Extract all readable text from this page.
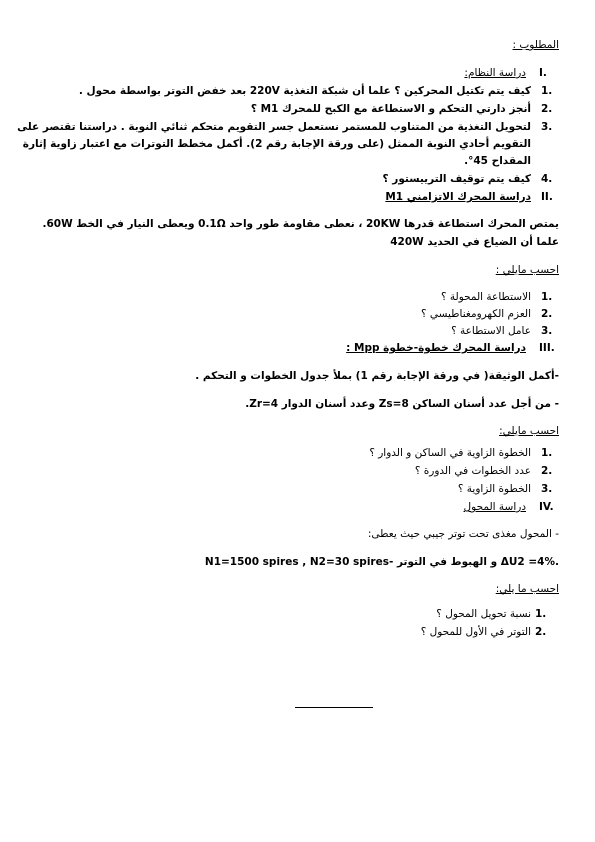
المطلوب :
I.
دراسة النظام:
1.
كيف يتم تكتيل المحركين ؟ علما أن شبكة التغذية 220V بعد خفض التوتر بواسطة محول .
2.
أنجز دارتي التحكم و الاستطاعة مع الكبح للمحرك M1 ؟
3.
لتحويل التغذية من المتناوب للمستمر نستعمل جسر التقويم متحكم ثنائي النوبة . دراستنا تقتصر على
التقويم أحادي النوبة الممثل (على ورقة الإجابة رقم 2). أكمل مخطط التوترات مع اعتبار زاوية إثارة
المقداح 45°.
4.
كيف يتم توقيف الترييستور ؟
II.
دراسة المحرك الاتزامني M1
يمتص المحرك استطاعة قدرها 20KW ، نعطى مقاومة طور واحد 0.1Ω ويعطى النيار في الخط 60W.
علما أن الضياع في الحديد 420W
احسب مايلي :
1.
الاستطاعة المحولة ؟
2.
العزم الكهرومغناطيسي ؟
3.
عامل الاستطاعة ؟
III.
دراسة المحرك خطوة-خطوة Mpp :
-أكمل الوثيقة( في ورقة الإجابة رقم 1) بملأ جدول الخطوات و التحكم .
- من أجل عدد أسنان الساكن Zs=8 وعدد أسنان الدوار Zr=4.
احسب مايلي:
1.
الخطوة الزاوية في الساكن و الدوار ؟
2.
عدد الخطوات في الدورة ؟
3.
الخطوة الزاوية ؟
IV.
دراسة المحول
- المحول مغذى تحت توتر جيبي حيث يعطى:
N1=1500 spires , N2=30 spires- و الهبوط في التوتر ΔU2 =4%.
احسب ما يلي:
1.
نسبة تحويل المحول ؟
2.
التوتر في الأول للمحول ؟
